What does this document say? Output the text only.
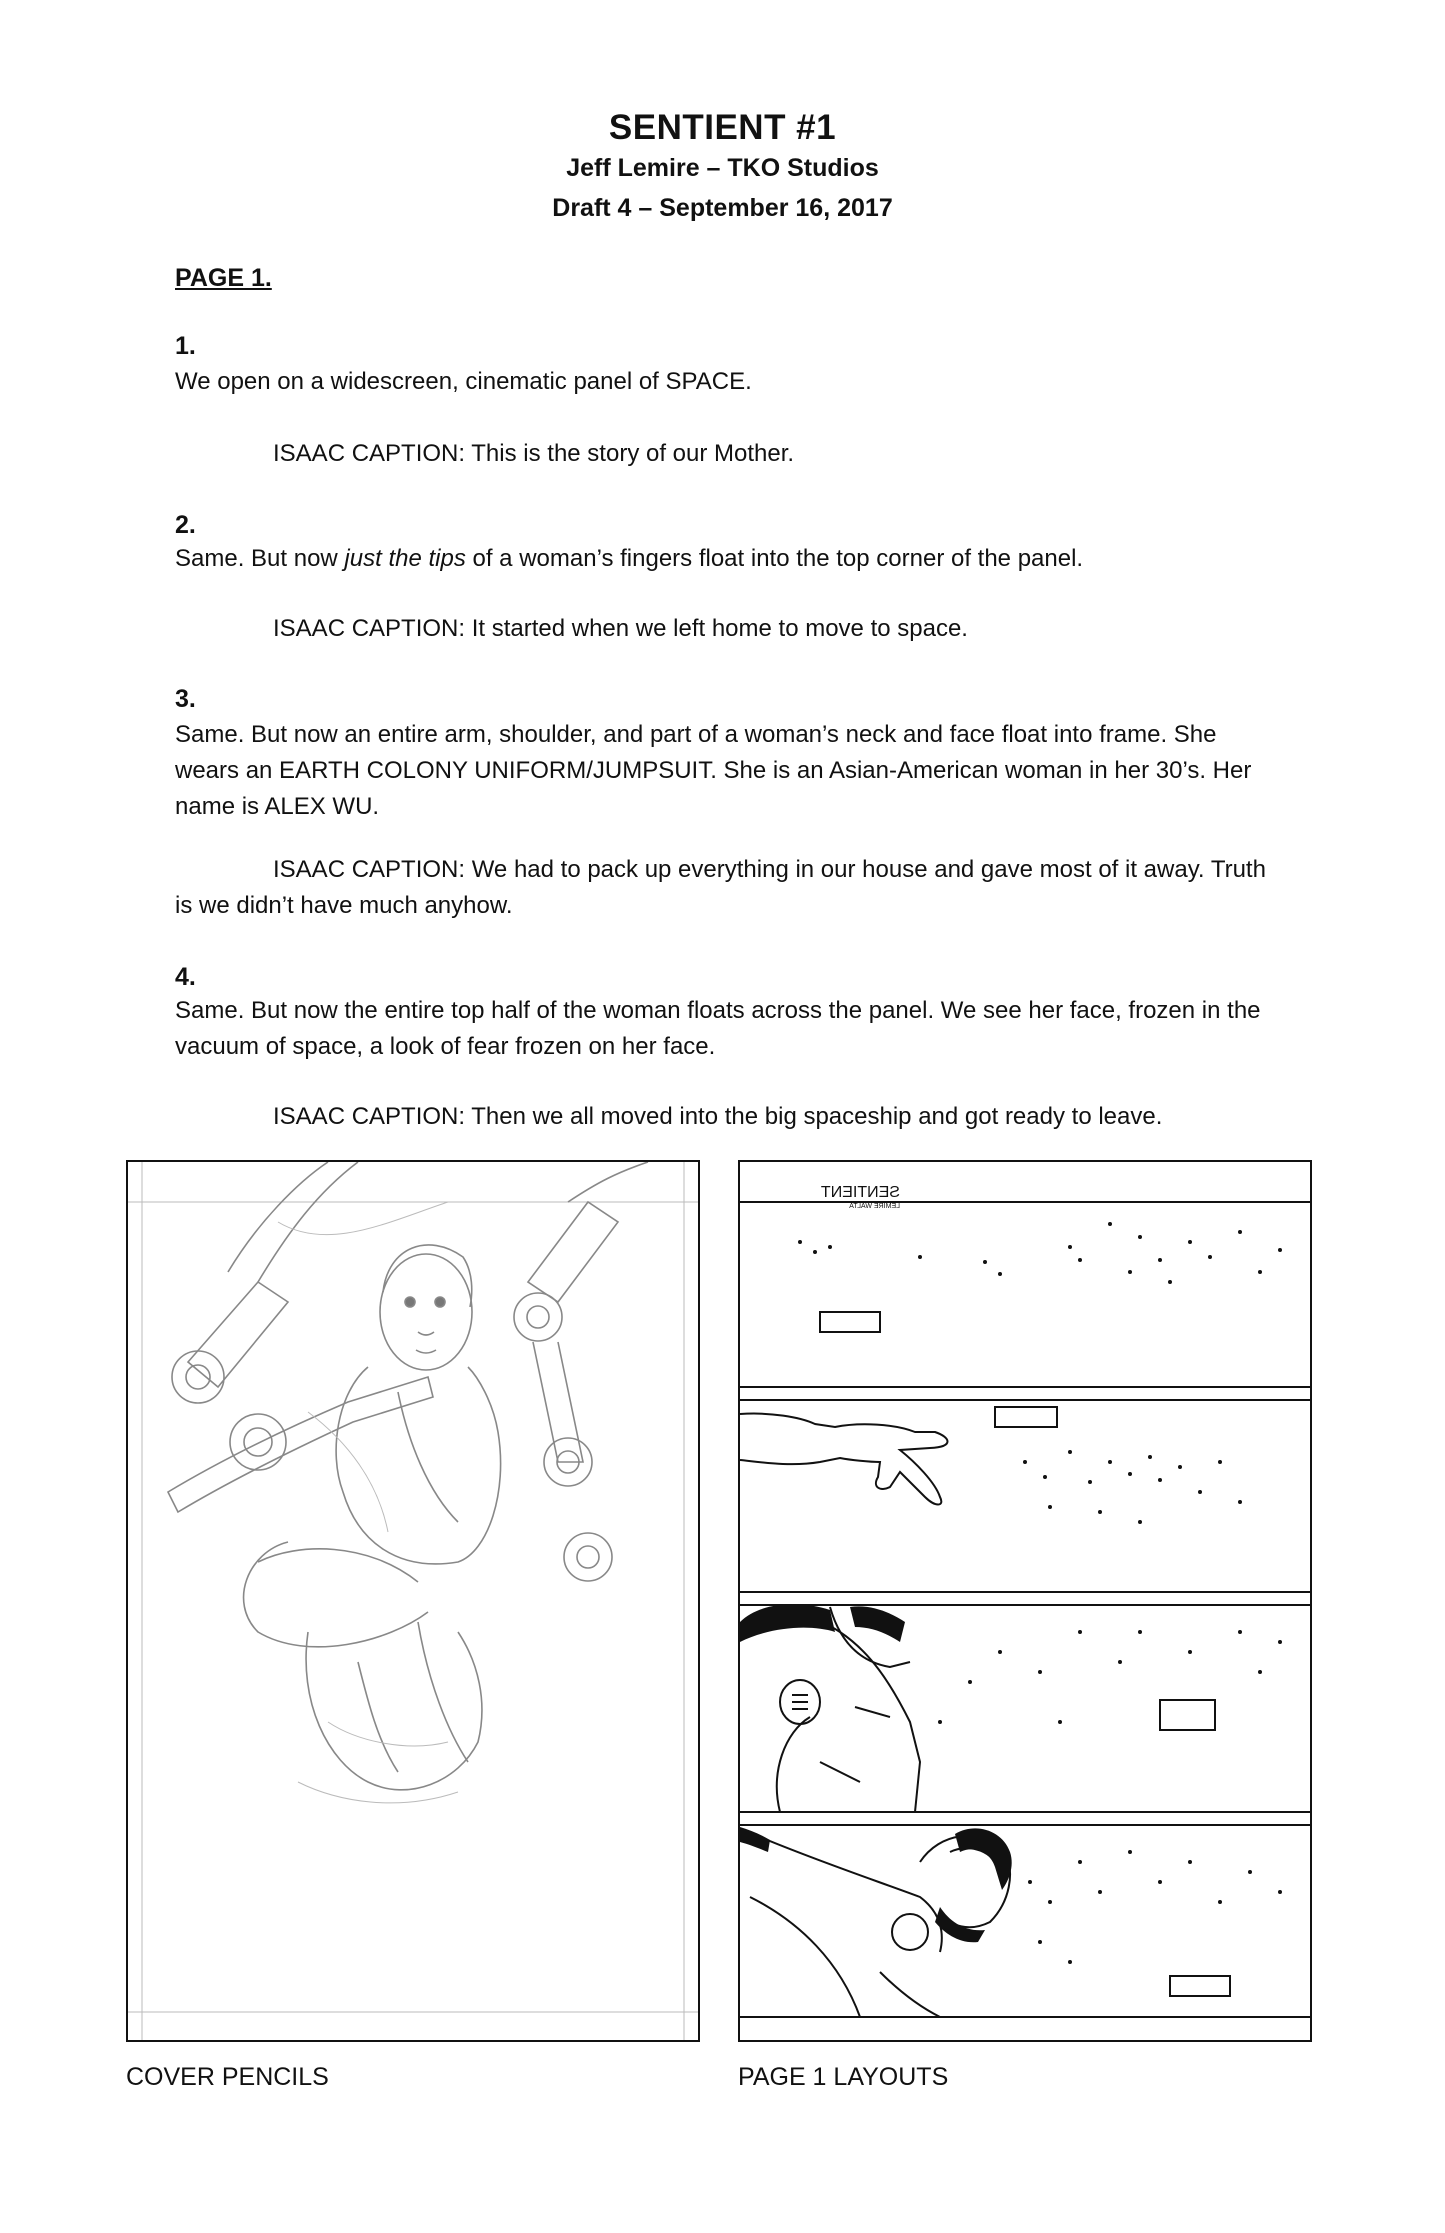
SENTIENT #1
Jeff Lemire – TKO Studios
Draft 4 – September 16, 2017
PAGE 1.
1.
We open on a widescreen, cinematic panel of SPACE.
ISAAC CAPTION: This is the story of our Mother.
2.
Same. But now just the tips of a woman’s fingers float into the top corner of the panel.
ISAAC CAPTION: It started when we left home to move to space.
3.
Same. But now an entire arm, shoulder, and part of a woman’s neck and face float into frame. She wears an EARTH COLONY UNIFORM/JUMPSUIT. She is an Asian-American woman in her 30’s. Her name is ALEX WU.
ISAAC CAPTION: We had to pack up everything in our house and gave most of it away. Truth is we didn’t have much anyhow.
4.
Same. But now the entire top half of the woman floats across the panel. We see her face, frozen in the vacuum of space, a look of fear frozen on her face.
ISAAC CAPTION: Then we all moved into the big spaceship and got ready to leave.
SENTIENT
LEMIRE WALTA
COVER PENCILS	PAGE 1 LAYOUTS
